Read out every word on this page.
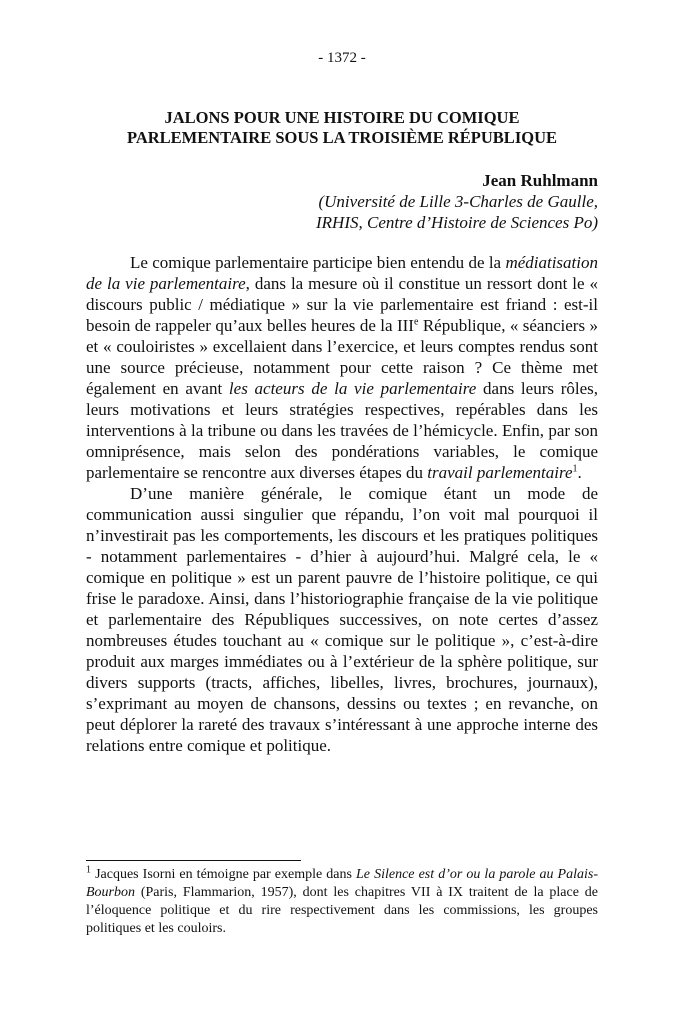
- 1372 -
JALONS POUR UNE HISTOIRE DU COMIQUE
PARLEMENTAIRE SOUS LA TROISIÈME RÉPUBLIQUE
Jean Ruhlmann
(Université de Lille 3-Charles de Gaulle,
IRHIS, Centre d’Histoire de Sciences Po)

Le comique parlementaire participe bien entendu de la médiatisation de la vie parlementaire, dans la mesure où il constitue un ressort dont le « discours public / médiatique » sur la vie parlementaire est friand : est-il besoin de rappeler qu’aux belles heures de la IIIe République, « séanciers » et « couloiristes » excellaient dans l’exercice, et leurs comptes rendus sont une source précieuse, notamment pour cette raison ? Ce thème met également en avant les acteurs de la vie parlementaire dans leurs rôles, leurs motivations et leurs stratégies respectives, repérables dans les interventions à la tribune ou dans les travées de l’hémicycle. Enfin, par son omniprésence, mais selon des pondérations variables, le comique parlementaire se rencontre aux diverses étapes du travail parlementaire$^1$.

D’une manière générale, le comique étant un mode de communication aussi singulier que répandu, l’on voit mal pourquoi il n’investirait pas les comportements, les discours et les pratiques politiques - notamment parlementaires - d’hier à aujourd’hui. Malgré cela, le « comique en politique » est un parent pauvre de l’histoire politique, ce qui frise le paradoxe. Ainsi, dans l’historiographie française de la vie politique et parlementaire des Républiques successives, on note certes d’assez nombreuses études touchant au « comique sur le politique », c’est-à-dire produit aux marges immédiates ou à l’extérieur de la sphère politique, sur divers supports (tracts, affiches, libelles, livres, brochures, journaux), s’exprimant au moyen de chansons, dessins ou textes ; en revanche, on peut déplorer la rareté des travaux s’intéressant à une approche interne des relations entre comique et politique.

$^1$ Jacques Isorni en témoigne par exemple dans Le Silence est d’or ou la parole au Palais-Bourbon (Paris, Flammarion, 1957), dont les chapitres VII à IX traitent de la place de l’éloquence politique et du rire respectivement dans les commissions, les groupes politiques et les couloirs.
